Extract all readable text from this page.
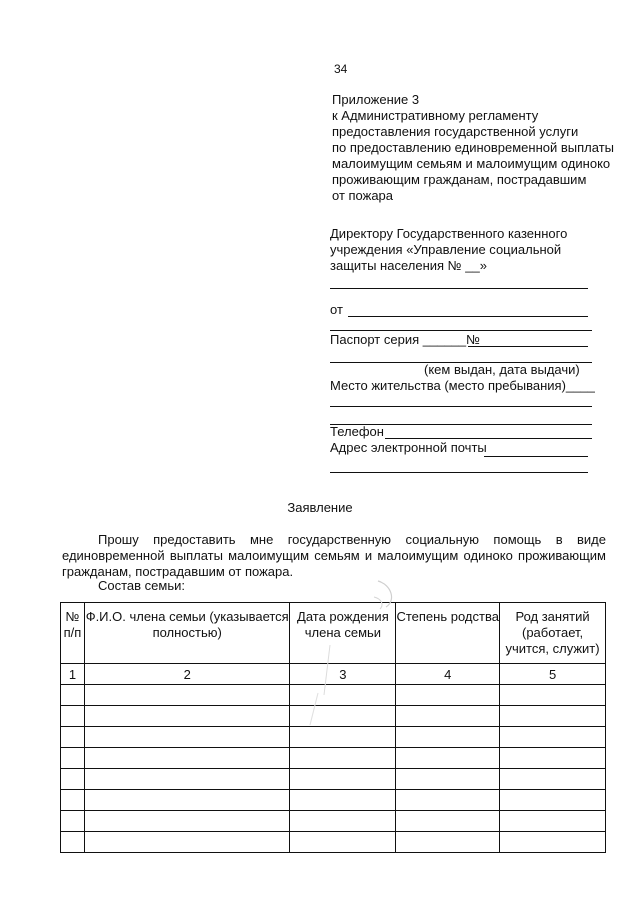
34
Приложение 3
к Административному регламенту
предоставления государственной услуги
по предоставлению единовременной выплаты
малоимущим семьям и малоимущим одиноко
проживающим гражданам, пострадавшим
от пожара
Директору Государственного казенного
учреждения «Управление социальной
защиты населения № __»
от
Паспорт серия ______№
(кем выдан, дата выдачи)
Место жительства (место пребывания)____
Телефон
Адрес электронной почты
Заявление
Прошу предоставить мне государственную социальную помощь в виде единовременной выплаты малоимущим семьям и малоимущим одиноко проживающим гражданам, пострадавшим от пожара.
Состав семьи:
№ п/п	Ф.И.О. члена семьи (указывается полностью)	Дата рождения члена семьи	Степень родства	Род занятий (работает, учится, служит)
1	2	3	4	5
